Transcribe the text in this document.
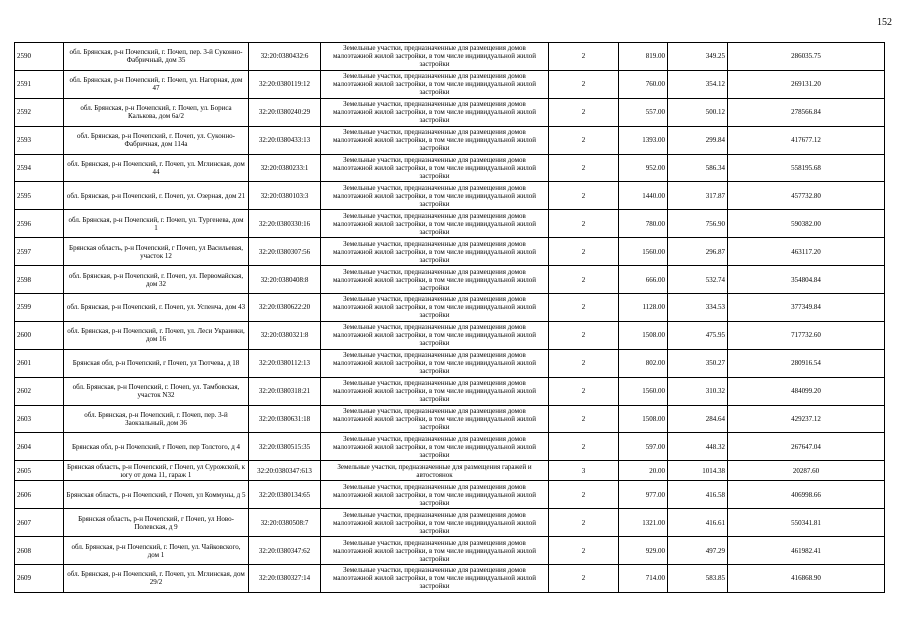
152
2590	обл. Брянская, р-н Почепский, г. Почеп, пер. 3-й Суконно-Фабричный, дом 35	32:20:0380432:6	Земельные участки, предназначенные для размещения домов малоэтажной жилой застройки, в том числе индивидуальной жилой застройки	2	819.00	349.25	286035.75
2591	обл. Брянская, р-н Почепский, г. Почеп, ул. Нагорная, дом 47	32:20:0380119:12	Земельные участки, предназначенные для размещения домов малоэтажной жилой застройки, в том числе индивидуальной жилой застройки	2	760.00	354.12	269131.20
2592	обл. Брянская, р-н Почепский, г. Почеп, ул. Бориса Калькова, дом 6а/2	32:20:0380240:29	Земельные участки, предназначенные для размещения домов малоэтажной жилой застройки, в том числе индивидуальной жилой застройки	2	557.00	500.12	278566.84
2593	обл. Брянская, р-н Почепский, г. Почеп, ул. Суконно-Фабричная, дом 114а	32:20:0380433:13	Земельные участки, предназначенные для размещения домов малоэтажной жилой застройки, в том числе индивидуальной жилой застройки	2	1393.00	299.84	417677.12
2594	обл. Брянская, р-н Почепский, г. Почеп, ул. Мглинская, дом 44	32:20:0380233:1	Земельные участки, предназначенные для размещения домов малоэтажной жилой застройки, в том числе индивидуальной жилой застройки	2	952.00	586.34	558195.68
2595	обл. Брянская, р-н Почепский, г. Почеп, ул. Озерная, дом 21	32:20:0380103:3	Земельные участки, предназначенные для размещения домов малоэтажной жилой застройки, в том числе индивидуальной жилой застройки	2	1440.00	317.87	457732.80
2596	обл. Брянская, р-н Почепский, г. Почеп, ул. Тургенева, дом 1	32:20:0380330:16	Земельные участки, предназначенные для размещения домов малоэтажной жилой застройки, в том числе индивидуальной жилой застройки	2	780.00	756.90	590382.00
2597	Брянская область, р-н Почепский, г Почеп, ул Васильевая, участок 12	32:20:0380307:56	Земельные участки, предназначенные для размещения домов малоэтажной жилой застройки, в том числе индивидуальной жилой застройки	2	1560.00	296.87	463117.20
2598	обл. Брянская, р-н Почепский, г. Почеп, ул. Первомайская, дом 32	32:20:0380408:8	Земельные участки, предназначенные для размещения домов малоэтажной жилой застройки, в том числе индивидуальной жилой застройки	2	666.00	532.74	354804.84
2599	обл. Брянская, р-н Почепский, г. Почеп, ул. Успенча, дом 43	32:20:0380622:20	Земельные участки, предназначенные для размещения домов малоэтажной жилой застройки, в том числе индивидуальной жилой застройки	2	1128.00	334.53	377349.84
2600	обл. Брянская, р-н Почепский, г. Почеп, ул. Леси Украинки, дом 16	32:20:0380321:8	Земельные участки, предназначенные для размещения домов малоэтажной жилой застройки, в том числе индивидуальной жилой застройки	2	1508.00	475.95	717732.60
2601	Брянская обл, р-н Почепский, г Почеп, ул Тютчева, д 18	32:20:0380112:13	Земельные участки, предназначенные для размещения домов малоэтажной жилой застройки, в том числе индивидуальной жилой застройки	2	802.00	350.27	280916.54
2602	обл. Брянская, р-н Почепский, г. Почеп, ул. Тамбовская, участок N32	32:20:0380318:21	Земельные участки, предназначенные для размещения домов малоэтажной жилой застройки, в том числе индивидуальной жилой застройки	2	1560.00	310.32	484099.20
2603	обл. Брянская, р-н Почепский, г. Почеп, пер. 3-й Заокзальный, дом 36	32:20:0380631:18	Земельные участки, предназначенные для размещения домов малоэтажной жилой застройки, в том числе индивидуальной жилой застройки	2	1508.00	284.64	429237.12
2604	Брянская обл, р-н Почепский, г Почеп, пер Толстого, д 4	32:20:0380515:35	Земельные участки, предназначенные для размещения домов малоэтажной жилой застройки, в том числе индивидуальной жилой застройки	2	597.00	448.32	267647.04
2605	Брянская область, р-н Почепский, г Почеп, ул Сурожской, к югу от дома 11, гараж 1	32:20:0380347:613	Земельные участки, предназначенные для размещения гаражей и автостоянок	3	20.00	1014.38	20287.60
2606	Брянская область, р-н Почепский, г Почеп, ул Коммуны, д 5	32:20:0380134:65	Земельные участки, предназначенные для размещения домов малоэтажной жилой застройки, в том числе индивидуальной жилой застройки	2	977.00	416.58	406998.66
2607	Брянская область, р-н Почепский, г Почеп, ул Ново-Полевская, д 9	32:20:0380508:7	Земельные участки, предназначенные для размещения домов малоэтажной жилой застройки, в том числе индивидуальной жилой застройки	2	1321.00	416.61	550341.81
2608	обл. Брянская, р-н Почепский, г. Почеп, ул. Чайковского, дом 1	32:20:0380347:62	Земельные участки, предназначенные для размещения домов малоэтажной жилой застройки, в том числе индивидуальной жилой застройки	2	929.00	497.29	461982.41
2609	обл. Брянская, р-н Почепский, г. Почеп, ул. Мглинская, дом 29/2	32:20:0380327:14	Земельные участки, предназначенные для размещения домов малоэтажной жилой застройки, в том числе индивидуальной жилой застройки	2	714.00	583.85	416868.90
